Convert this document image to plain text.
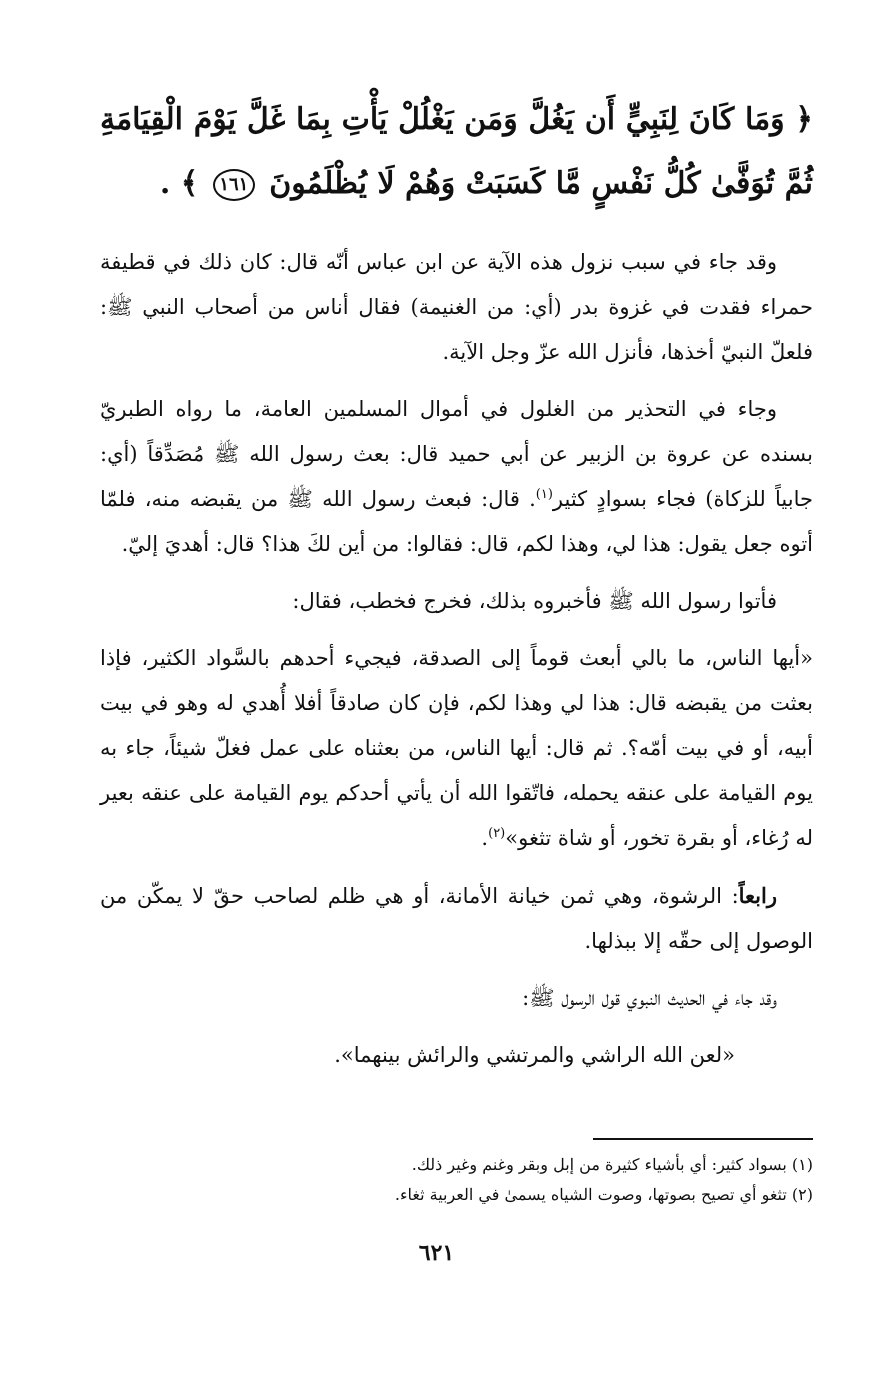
﴿ وَمَا كَانَ لِنَبِيٍّ أَن يَغُلَّ وَمَن يَغْلُلْ يَأْتِ بِمَا غَلَّ يَوْمَ الْقِيَامَةِ ثُمَّ تُوَفَّىٰ كُلُّ نَفْسٍ مَّا كَسَبَتْ وَهُمْ لَا يُظْلَمُونَ ١٦١ ﴾ .

وقد جاء في سبب نزول هذه الآية عن ابن عباس أنّه قال: كان ذلك في قطيفة حمراء فقدت في غزوة بدر (أي: من الغنيمة) فقال أناس من أصحاب النبي ﷺ: فلعلّ النبيّ أخذها، فأنزل الله عزّ وجل الآية.

وجاء في التحذير من الغلول في أموال المسلمين العامة، ما رواه الطبريّ بسنده عن عروة بن الزبير عن أبي حميد قال: بعث رسول الله ﷺ مُصَدِّقاً (أي: جابياً للزكاة) فجاء بسوادٍ كثير$^{(١)}$. قال: فبعث رسول الله ﷺ من يقبضه منه، فلمّا أتوه جعل يقول: هذا لي، وهذا لكم، قال: فقالوا: من أين لكَ هذا؟ قال: أهديَ إليّ.

فأتوا رسول الله ﷺ فأخبروه بذلك، فخرج فخطب، فقال:

«أيها الناس، ما بالي أبعث قوماً إلى الصدقة، فيجيء أحدهم بالسَّواد الكثير، فإذا بعثت من يقبضه قال: هذا لي وهذا لكم، فإن كان صادقاً أفلا أُهدي له وهو في بيت أبيه، أو في بيت أمّه؟. ثم قال: أيها الناس، من بعثناه على عمل فغلّ شيئاً، جاء به يوم القيامة على عنقه يحمله، فاتّقوا الله أن يأتي أحدكم يوم القيامة على عنقه بعير له رُغاء، أو بقرة تخور، أو شاة تثغو»$^{(٢)}$.

رابعاً: الرشوة، وهي ثمن خيانة الأمانة، أو هي ظلم لصاحب حقّ لا يمكّن من الوصول إلى حقّه إلا ببذلها.

وقد جاء في الحديث النبوي قول الرسول ﷺ:

«لعن الله الراشي والمرتشي والرائش بينهما».

(١) بسواد كثير: أي بأشياء كثيرة من إبل وبقر وغنم وغير ذلك.

(٢) تثغو أي تصيح بصوتها، وصوت الشياه يسمىٰ في العربية ثغاء.

٦٢١
